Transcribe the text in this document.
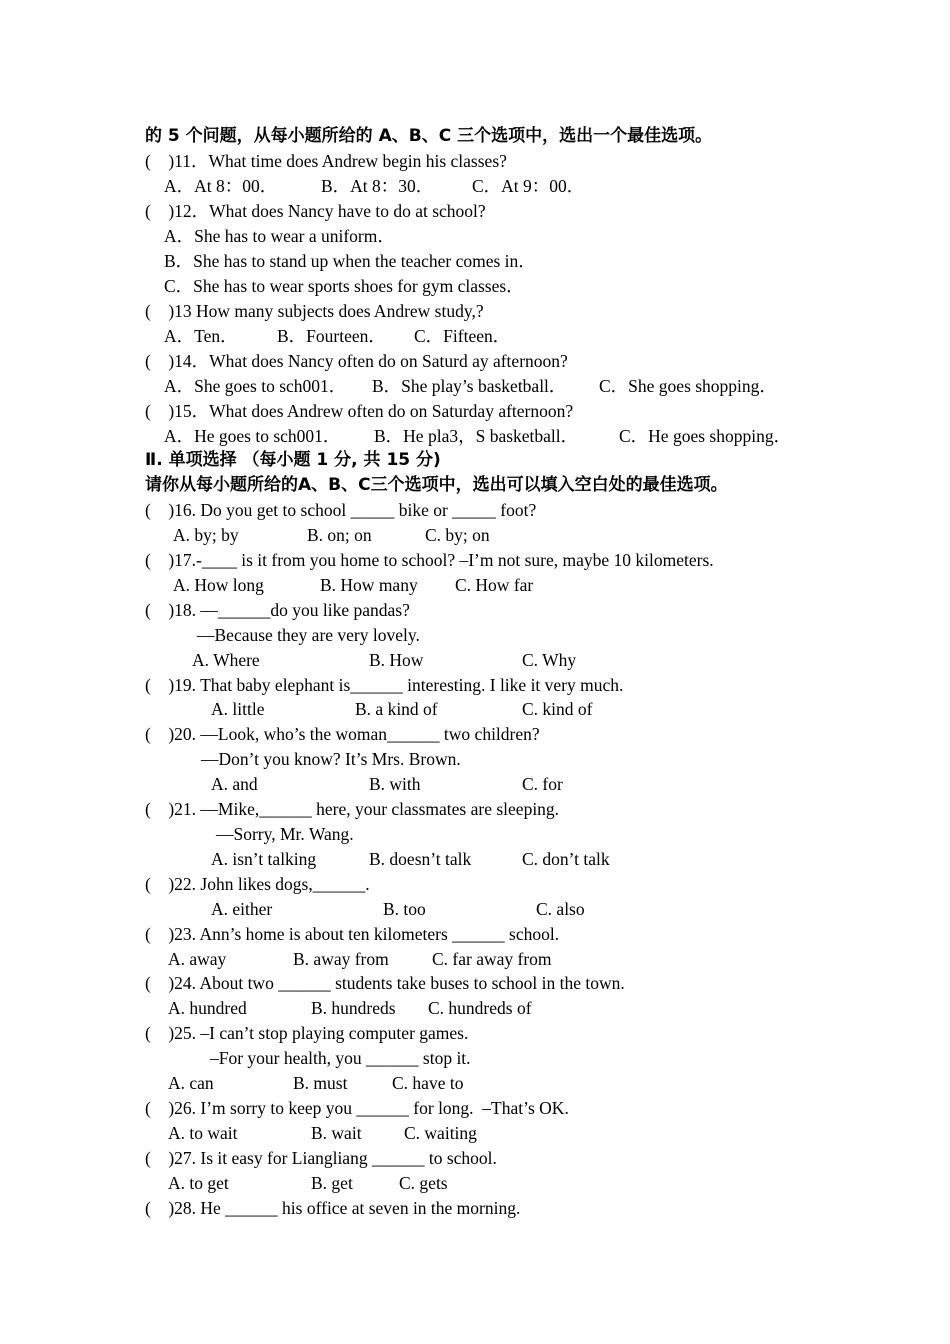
的 5 个问题，从每小题所给的 A、B、C 三个选项中，选出一个最佳选项。
(    )11．What time does Andrew begin his classes?
A．At 8：00． B．At 8：30． C．At 9：00．
(    )12．What does Nancy have to do at school?
A．She has to wear a uniform．
B．She has to stand up when the teacher comes in．
C．She has to wear sports shoes for gym classes．
(    )13 How many subjects does Andrew study,?
A．Ten． B．Fourteen． C．Fifteen．
(    )14．What does Nancy often do on Saturd ay afternoon?
A．She goes to sch001． B．She play’s basketball． C．She goes shopping．
(    )15．What does Andrew often do on Saturday afternoon?
A．He goes to sch001． B．He pla3，S basketball． C．He goes shopping．
Ⅱ. 单项选择 （每小题 1 分, 共 15 分)
请你从每小题所给的A、B、C三个选项中，选出可以填入空白处的最佳选项。
(    )16. Do you get to school _____ bike or _____ foot?
A. by; by	B. on; on	C. by; on
(    )17.-____ is it from you home to school? –I’m not sure, maybe 10 kilometers.
A. How long	B. How many C. How far
(    )18. —______do you like pandas?
—Because they are very lovely.
A. Where	B. How	C. Why
(    )19. That baby elephant is______ interesting. I like it very much.
A. little	B. a kind of	C. kind of
(    )20. —Look, who’s the woman______ two children?
—Don’t you know? It’s Mrs. Brown.
A. and	B. with	C. for
(    )21. —Mike,______ here, your classmates are sleeping.
—Sorry, Mr. Wang.
A. isn’t talking	B. doesn’t talk	C. don’t talk
(    )22. John likes dogs,______.
A. either	B. too	C. also
(    )23. Ann’s home is about ten kilometers ______ school.
A. away	B. away from C. far away from
(    )24. About two ______ students take buses to school in the town.
A. hundred	B. hundreds C. hundreds of
(    )25. –I can’t stop playing computer games.
–For your health, you ______ stop it.
A. can	B. must	C. have to
(    )26. I’m sorry to keep you ______ for long.  –That’s OK.
A. to wait	B. wait C. waiting
(    )27. Is it easy for Liangliang ______ to school.
A. to get	B. get	C. gets
(    )28. He ______ his office at seven in the morning.
